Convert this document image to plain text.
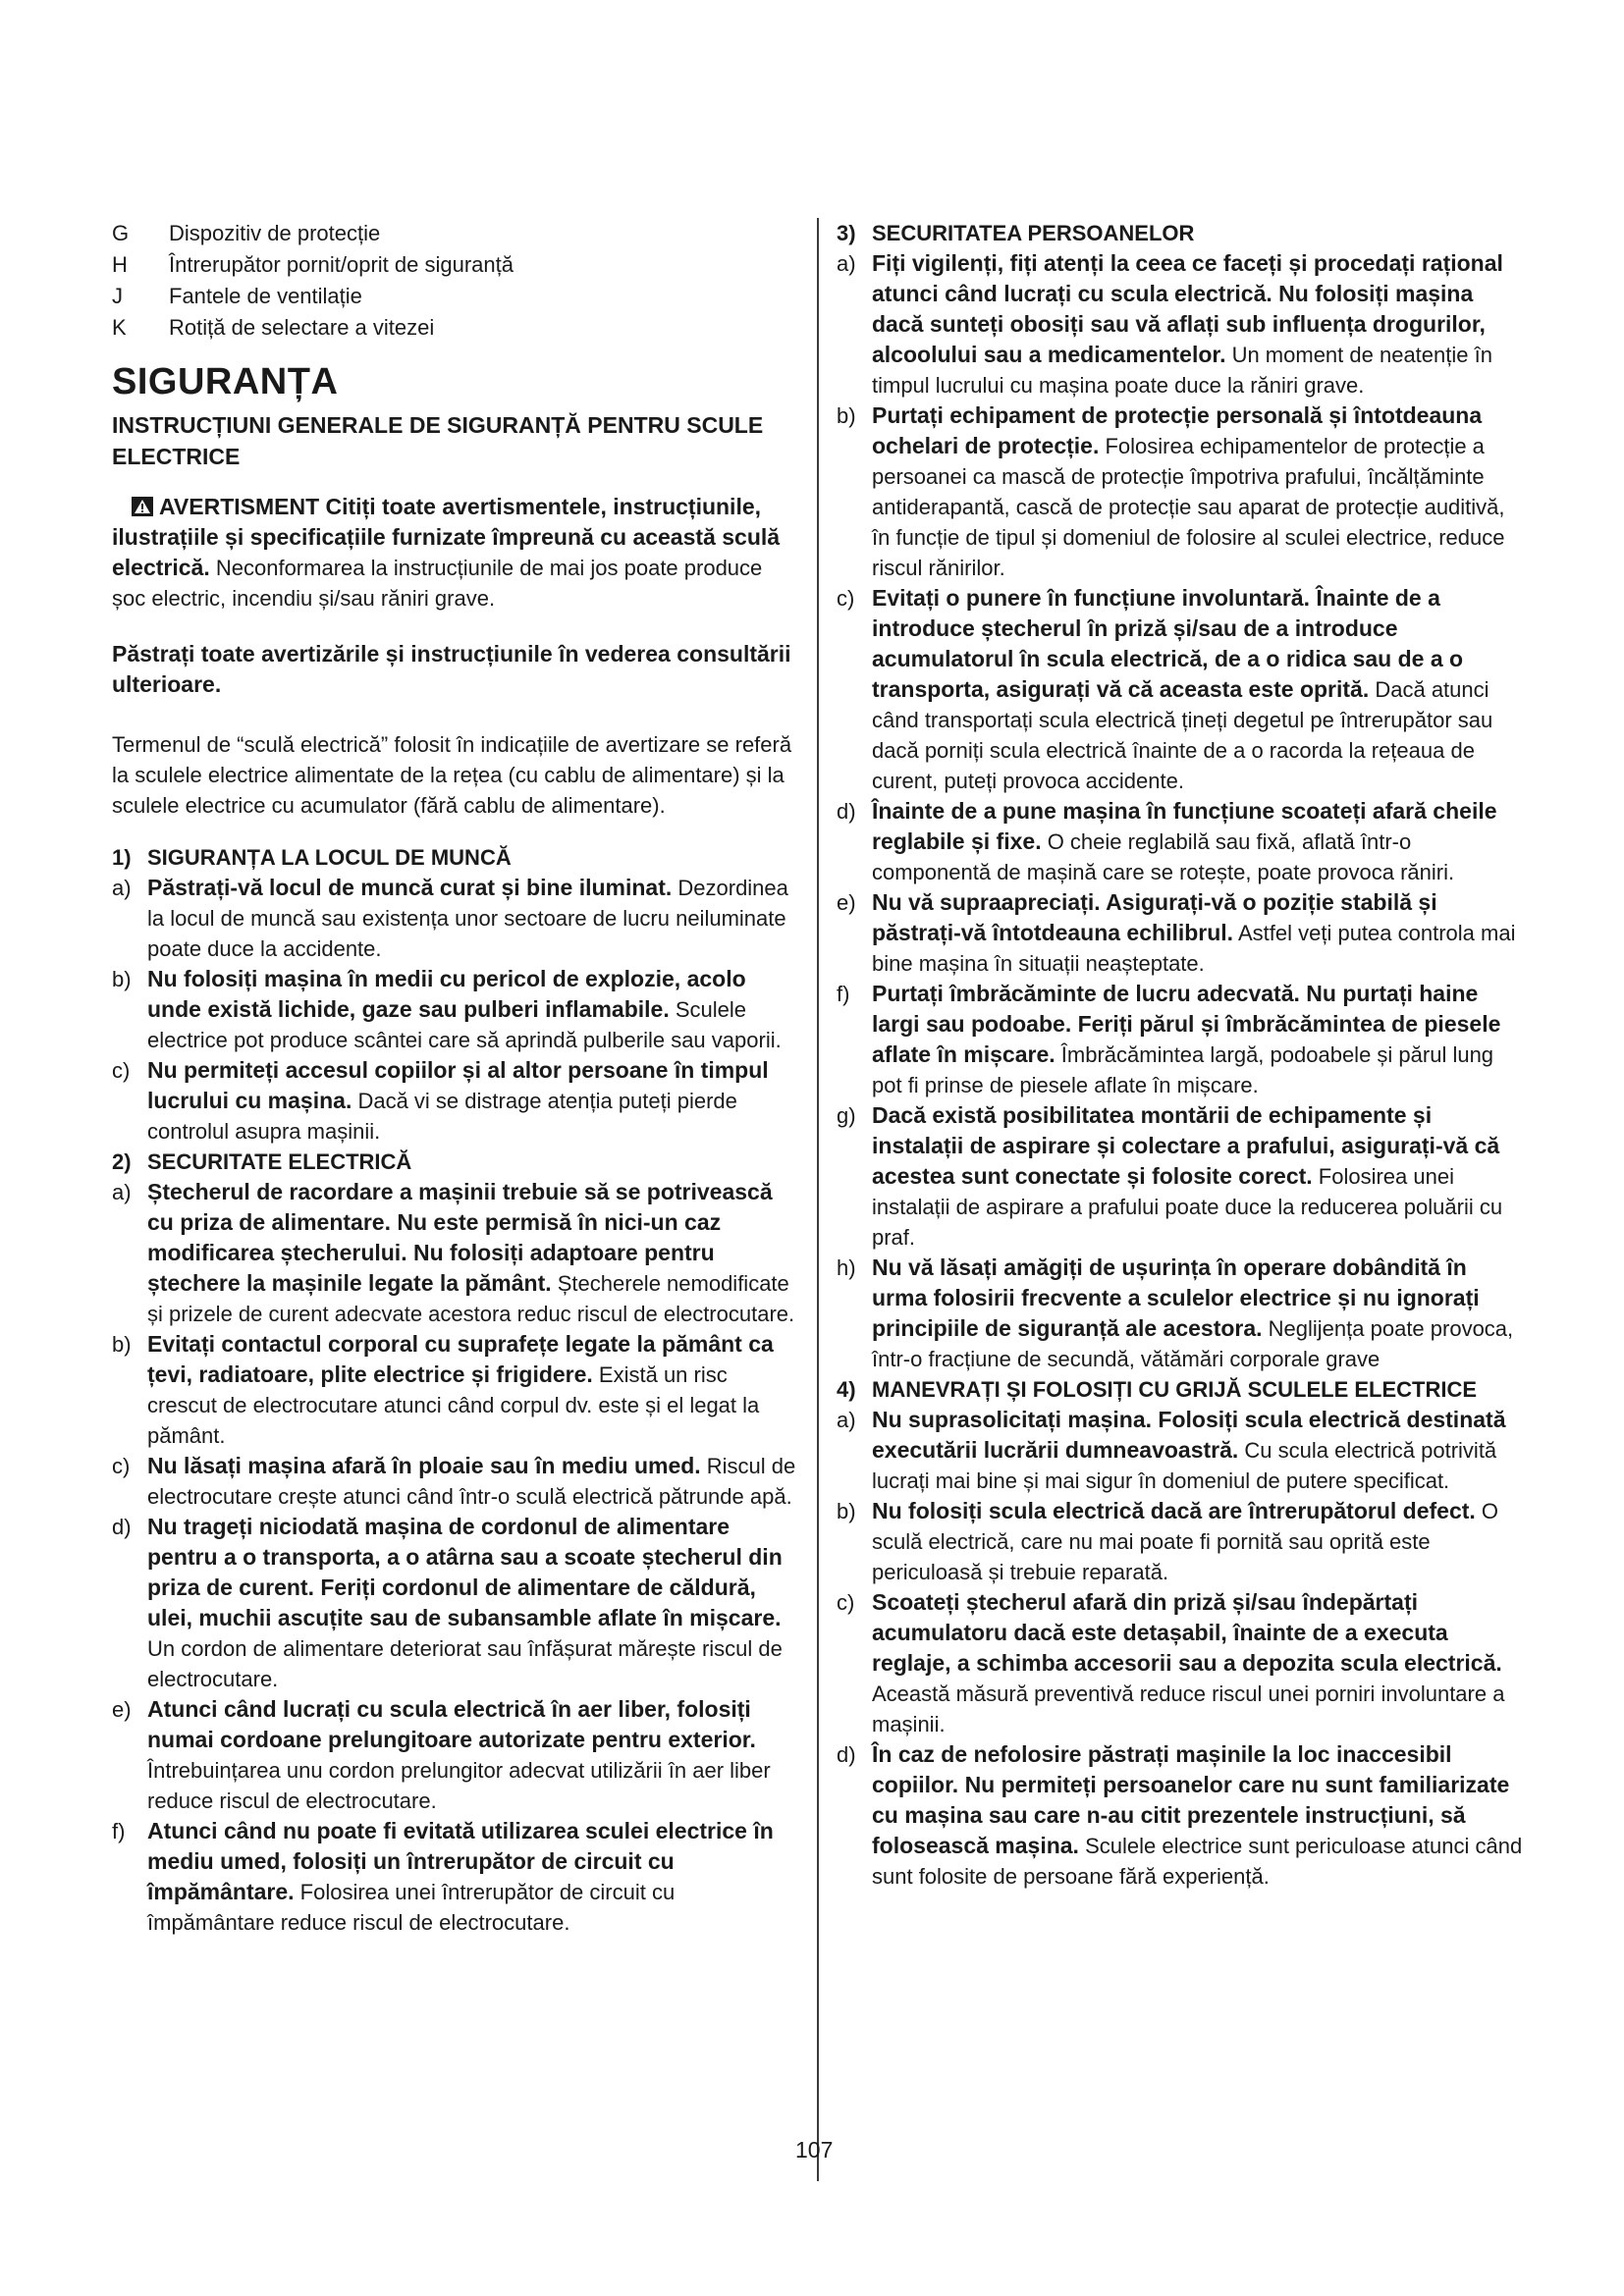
G	Dispozitiv de protecție
H	Întrerupător pornit/oprit de siguranță
J	Fantele de ventilație
K	Rotiță de selectare a vitezei
SIGURANȚA
INSTRUCȚIUNI GENERALE DE SIGURANȚĂ PENTRU SCULE ELECTRICE
AVERTISMENT Citiți toate avertismentele, instrucțiunile, ilustrațiile și specificațiile furnizate împreună cu această sculă electrică. Neconformarea la instrucțiunile de mai jos poate produce șoc electric, incendiu și/sau răniri grave.
Păstrați toate avertizările și instrucțiunile în vederea consultării ulterioare.
Termenul de “sculă electrică” folosit în indicațiile de avertizare se referă la sculele electrice alimentate de la rețea (cu cablu de alimentare) și la sculele electrice cu acumulator (fără cablu de alimentare).
1) SIGURANȚA LA LOCUL DE MUNCĂ
a) Păstrați-vă locul de muncă curat și bine iluminat. Dezordinea la locul de muncă sau existența unor sectoare de lucru neiluminate poate duce la accidente.
b) Nu folosiți mașina în medii cu pericol de explozie, acolo unde există lichide, gaze sau pulberi inflamabile. Sculele electrice pot produce scântei care să aprindă pulberile sau vaporii.
c) Nu permiteți accesul copiilor și al altor persoane în timpul lucrului cu mașina. Dacă vi se distrage atenția puteți pierde controlul asupra mașinii.
2) SECURITATE ELECTRICĂ
a) Ștecherul de racordare a mașinii trebuie să se potrivească cu priza de alimentare. Nu este permisă în nici-un caz modificarea ștecherului. Nu folosiți adaptoare pentru ștechere la mașinile legate la pământ. Ștecherele nemodificate și prizele de curent adecvate acestora reduc riscul de electrocutare.
b) Evitați contactul corporal cu suprafețe legate la pământ ca țevi, radiatoare, plite electrice și frigidere. Există un risc crescut de electrocutare atunci când corpul dv. este și el legat la pământ.
c) Nu lăsați mașina afară în ploaie sau în mediu umed. Riscul de electrocutare crește atunci când într-o sculă electrică pătrunde apă.
d) Nu trageți niciodată mașina de cordonul de alimentare pentru a o transporta, a o atârna sau a scoate ștecherul din priza de curent. Feriți cordonul de alimentare de căldură, ulei, muchii ascuțite sau de subansamble aflate în mișcare. Un cordon de alimentare deteriorat sau înfășurat mărește riscul de electrocutare.
e) Atunci când lucrați cu scula electrică în aer liber, folosiți numai cordoane prelungitoare autorizate pentru exterior. Întrebuințarea unu cordon prelungitor adecvat utilizării în aer liber reduce riscul de electrocutare.
f) Atunci când nu poate fi evitată utilizarea sculei electrice în mediu umed, folosiți un întrerupător de circuit cu împământare. Folosirea unei întrerupător de circuit cu împământare reduce riscul de electrocutare.
3) SECURITATEA PERSOANELOR
a) Fiți vigilenți, fiți atenți la ceea ce faceți și procedați rațional atunci când lucrați cu scula electrică. Nu folosiți mașina dacă sunteți obosiți sau vă aflați sub influența drogurilor, alcoolului sau a medicamentelor. Un moment de neatenție în timpul lucrului cu mașina poate duce la răniri grave.
b) Purtați echipament de protecție personală și întotdeauna ochelari de protecție. Folosirea echipamentelor de protecție a persoanei ca mască de protecție împotriva prafului, încălțăminte antiderapantă, cască de protecție sau aparat de protecție auditivă, în funcție de tipul și domeniul de folosire al sculei electrice, reduce riscul rănirilor.
c) Evitați o punere în funcțiune involuntară. Înainte de a introduce ștecherul în priză și/sau de a introduce acumulatorul în scula electrică, de a o ridica sau de a o transporta, asigurați vă că aceasta este oprită. Dacă atunci când transportați scula electrică țineți degetul pe întrerupător sau dacă porniți scula electrică înainte de a o racorda la rețeaua de curent, puteți provoca accidente.
d) Înainte de a pune mașina în funcțiune scoateți afară cheile reglabile și fixe. O cheie reglabilă sau fixă, aflată într-o componentă de mașină care se rotește, poate provoca răniri.
e) Nu vă supraapreciați. Asigurați-vă o poziție stabilă și păstrați-vă întotdeauna echilibrul. Astfel veți putea controla mai bine mașina în situații neașteptate.
f) Purtați îmbrăcăminte de lucru adecvată. Nu purtați haine largi sau podoabe. Feriți părul și îmbrăcămintea de piesele aflate în mișcare. Îmbrăcămintea largă, podoabele și părul lung pot fi prinse de piesele aflate în mișcare.
g) Dacă există posibilitatea montării de echipamente și instalații de aspirare și colectare a prafului, asigurați-vă că acestea sunt conectate și folosite corect. Folosirea unei instalații de aspirare a prafului poate duce la reducerea poluării cu praf.
h) Nu vă lăsați amăgiți de ușurința în operare dobândită în urma folosirii frecvente a sculelor electrice și nu ignorați principiile de siguranță ale acestora. Neglijența poate provoca, într-o fracțiune de secundă, vătămări corporale grave
4) MANEVRAȚI ȘI FOLOSIȚI CU GRIJĂ SCULELE ELECTRICE
a) Nu suprasolicitați mașina. Folosiți scula electrică destinată executării lucrării dumneavoastră. Cu scula electrică potrivită lucrați mai bine și mai sigur în domeniul de putere specificat.
b) Nu folosiți scula electrică dacă are întrerupătorul defect. O sculă electrică, care nu mai poate fi pornită sau oprită este periculoasă și trebuie reparată.
c) Scoateți ștecherul afară din priză și/sau îndepărtați acumulatoru dacă este detașabil, înainte de a executa reglaje, a schimba accesorii sau a depozita scula electrică. Această măsură preventivă reduce riscul unei porniri involuntare a mașinii.
d) În caz de nefolosire păstrați mașinile la loc inaccesibil copiilor. Nu permiteți persoanelor care nu sunt familiarizate cu mașina sau care n-au citit prezentele instrucțiuni, să folosească mașina. Sculele electrice sunt periculoase atunci când sunt folosite de persoane fără experiență.
107
